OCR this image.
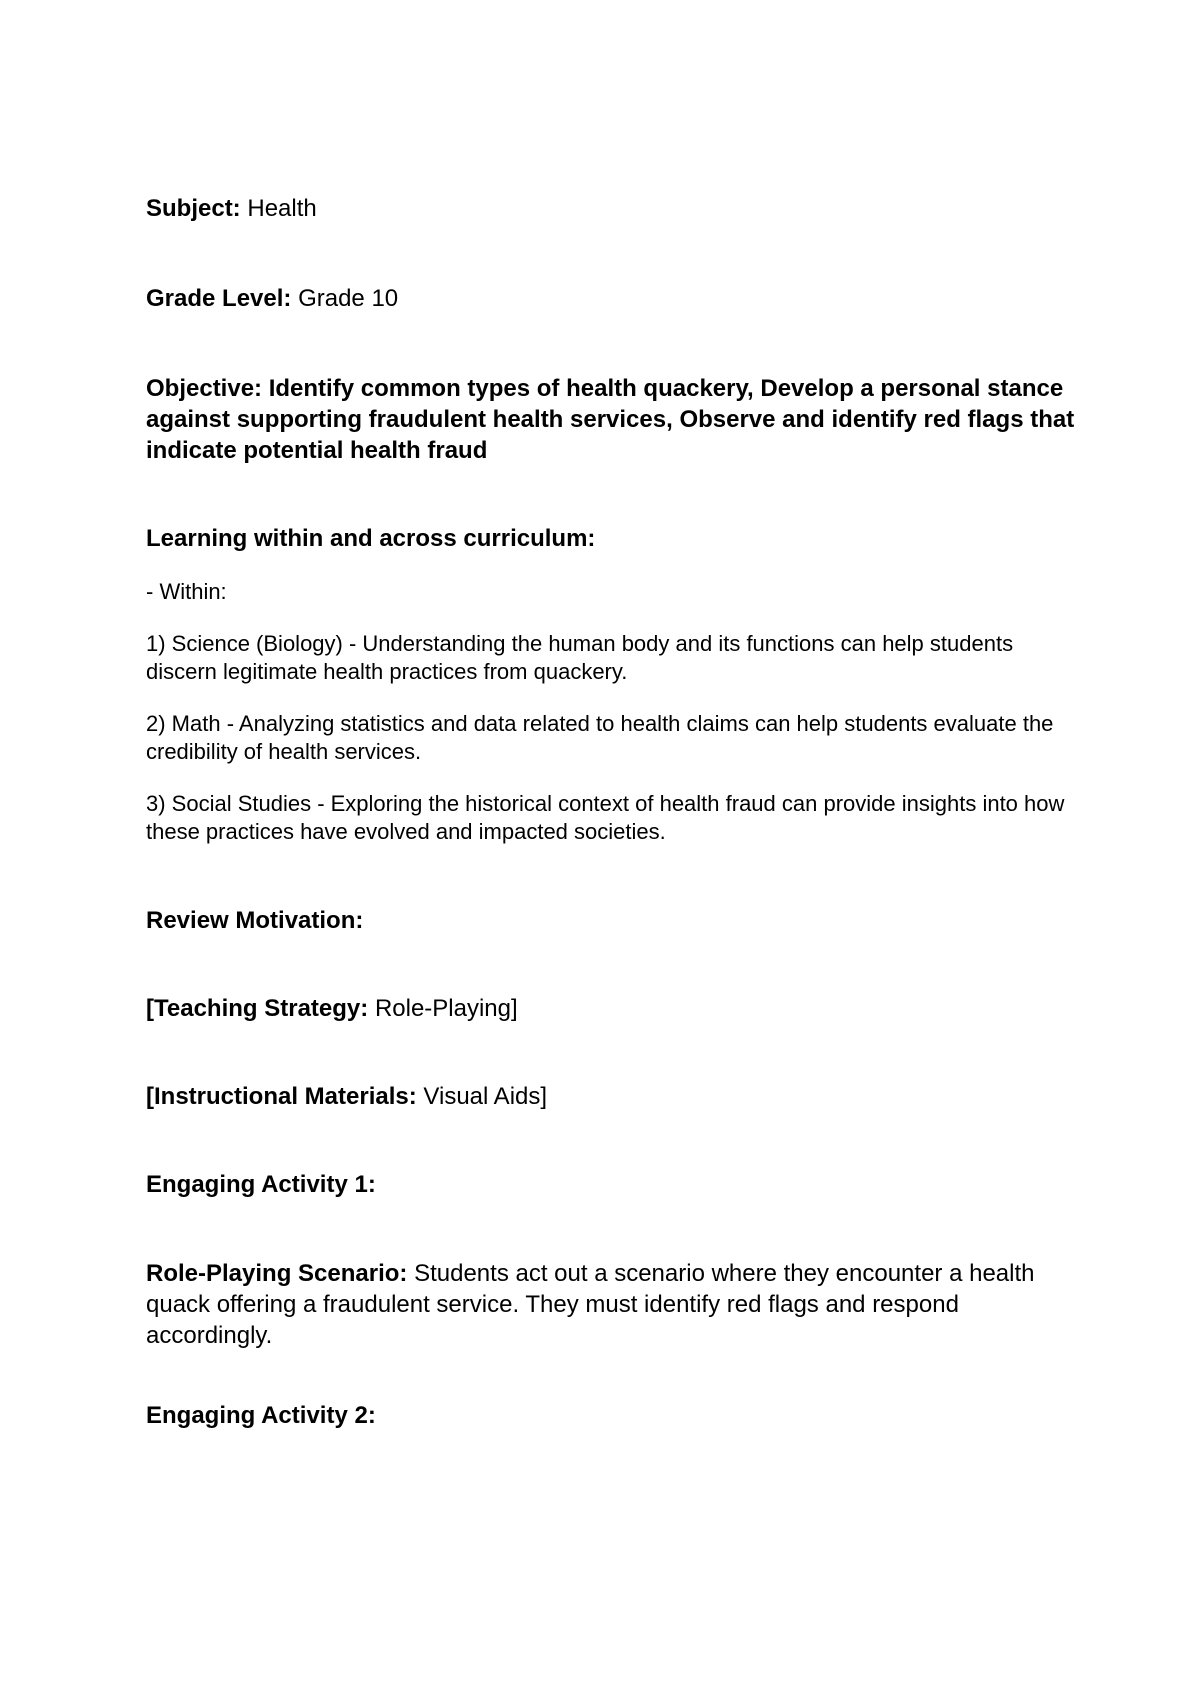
Subject: Health

Grade Level: Grade 10

Objective: Identify common types of health quackery, Develop a personal stance against supporting fraudulent health services, Observe and identify red flags that indicate potential health fraud

Learning within and across curriculum:

- Within:

1) Science (Biology) - Understanding the human body and its functions can help students discern legitimate health practices from quackery.

2) Math - Analyzing statistics and data related to health claims can help students evaluate the credibility of health services.

3) Social Studies - Exploring the historical context of health fraud can provide insights into how these practices have evolved and impacted societies.

Review Motivation:

[Teaching Strategy: Role-Playing]

[Instructional Materials: Visual Aids]

Engaging Activity 1:

Role-Playing Scenario: Students act out a scenario where they encounter a health quack offering a fraudulent service. They must identify red flags and respond accordingly.

Engaging Activity 2:
